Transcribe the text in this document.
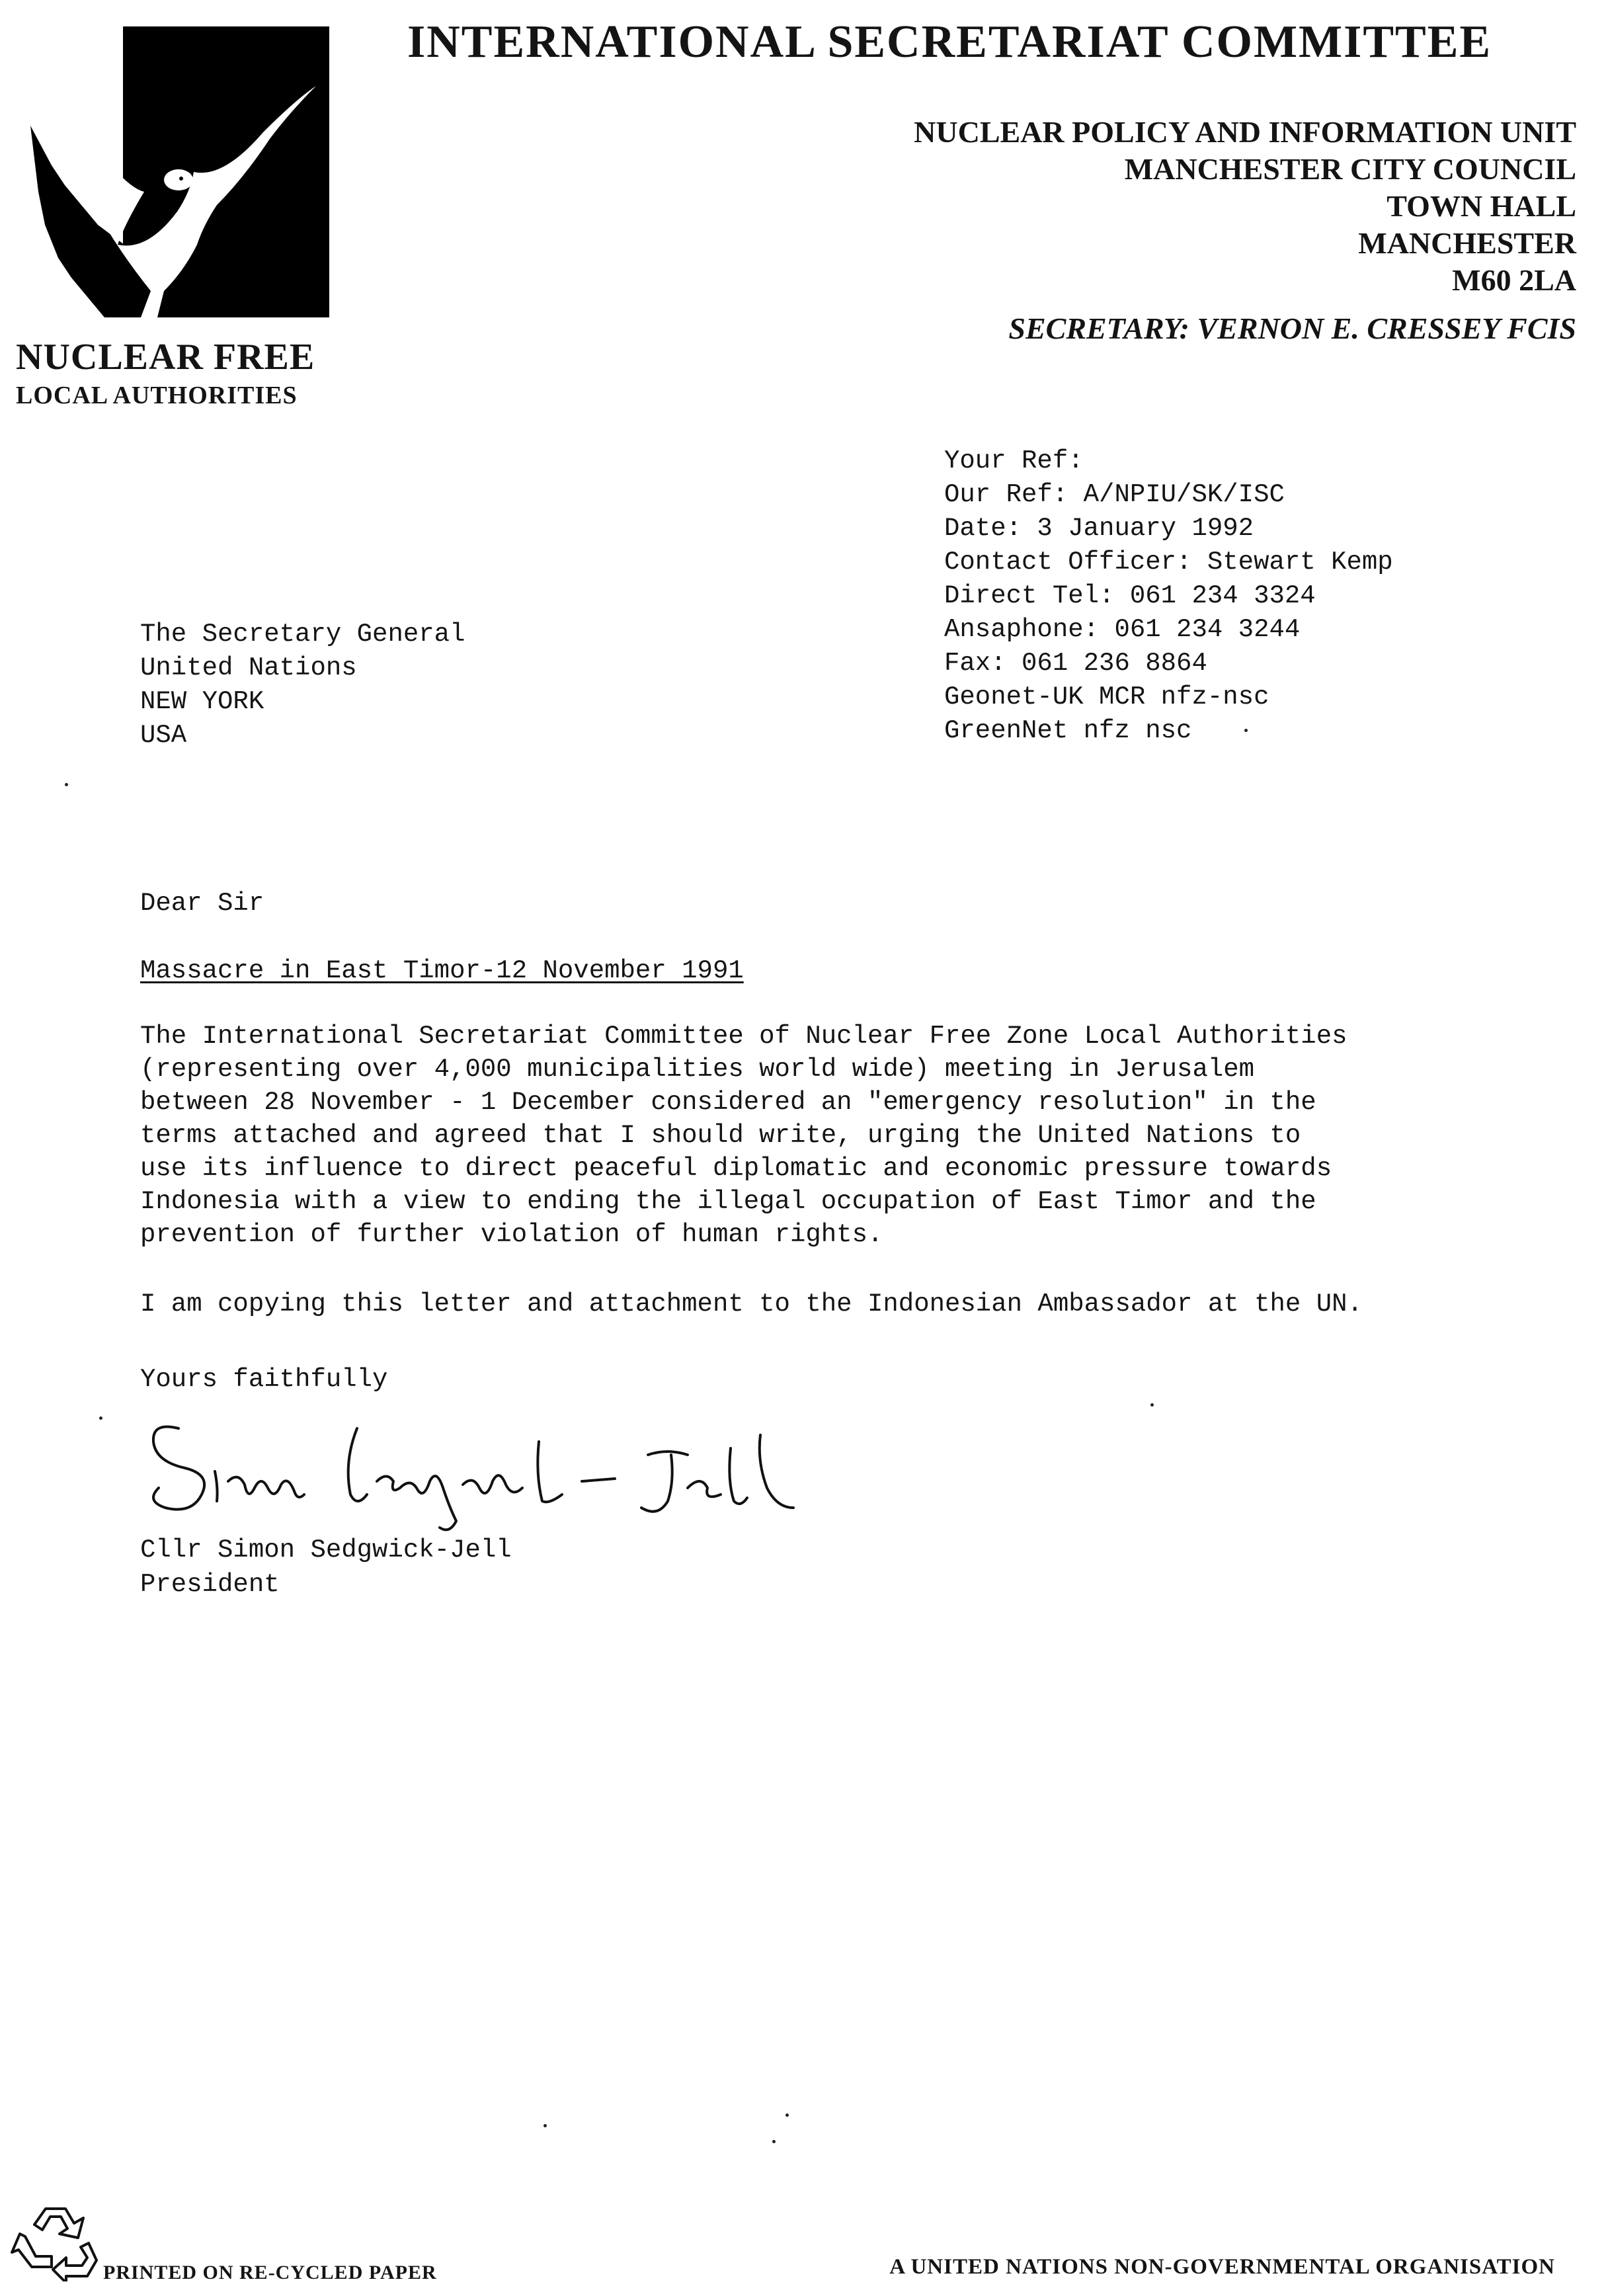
NUCLEAR FREE
LOCAL AUTHORITIES
INTERNATIONAL SECRETARIAT COMMITTEE
NUCLEAR POLICY AND INFORMATION UNIT
MANCHESTER CITY COUNCIL
TOWN HALL
MANCHESTER
M60 2LA
SECRETARY: VERNON E. CRESSEY FCIS
Your Ref:
Our Ref: A/NPIU/SK/ISC
Date: 3 January 1992
Contact Officer: Stewart Kemp
Direct Tel: 061 234 3324
Ansaphone: 061 234 3244
Fax: 061 236 8864
Geonet-UK MCR nfz-nsc
GreenNet nfz nsc
The Secretary General
United Nations
NEW YORK
USA
Dear Sir
Massacre in East Timor-12 November 1991
The International Secretariat Committee of Nuclear Free Zone Local Authorities
(representing over 4,000 municipalities world wide) meeting in Jerusalem
between 28 November - 1 December considered an "emergency resolution" in the
terms attached and agreed that I should write, urging the United Nations to
use its influence to direct peaceful diplomatic and economic pressure towards
Indonesia with a view to ending the illegal occupation of East Timor and the
prevention of further violation of human rights.
I am copying this letter and attachment to the Indonesian Ambassador at the UN.
Yours faithfully
Cllr Simon Sedgwick-Jell
President
PRINTED ON RE-CYCLED PAPER	A UNITED NATIONS NON-GOVERNMENTAL ORGANISATION
